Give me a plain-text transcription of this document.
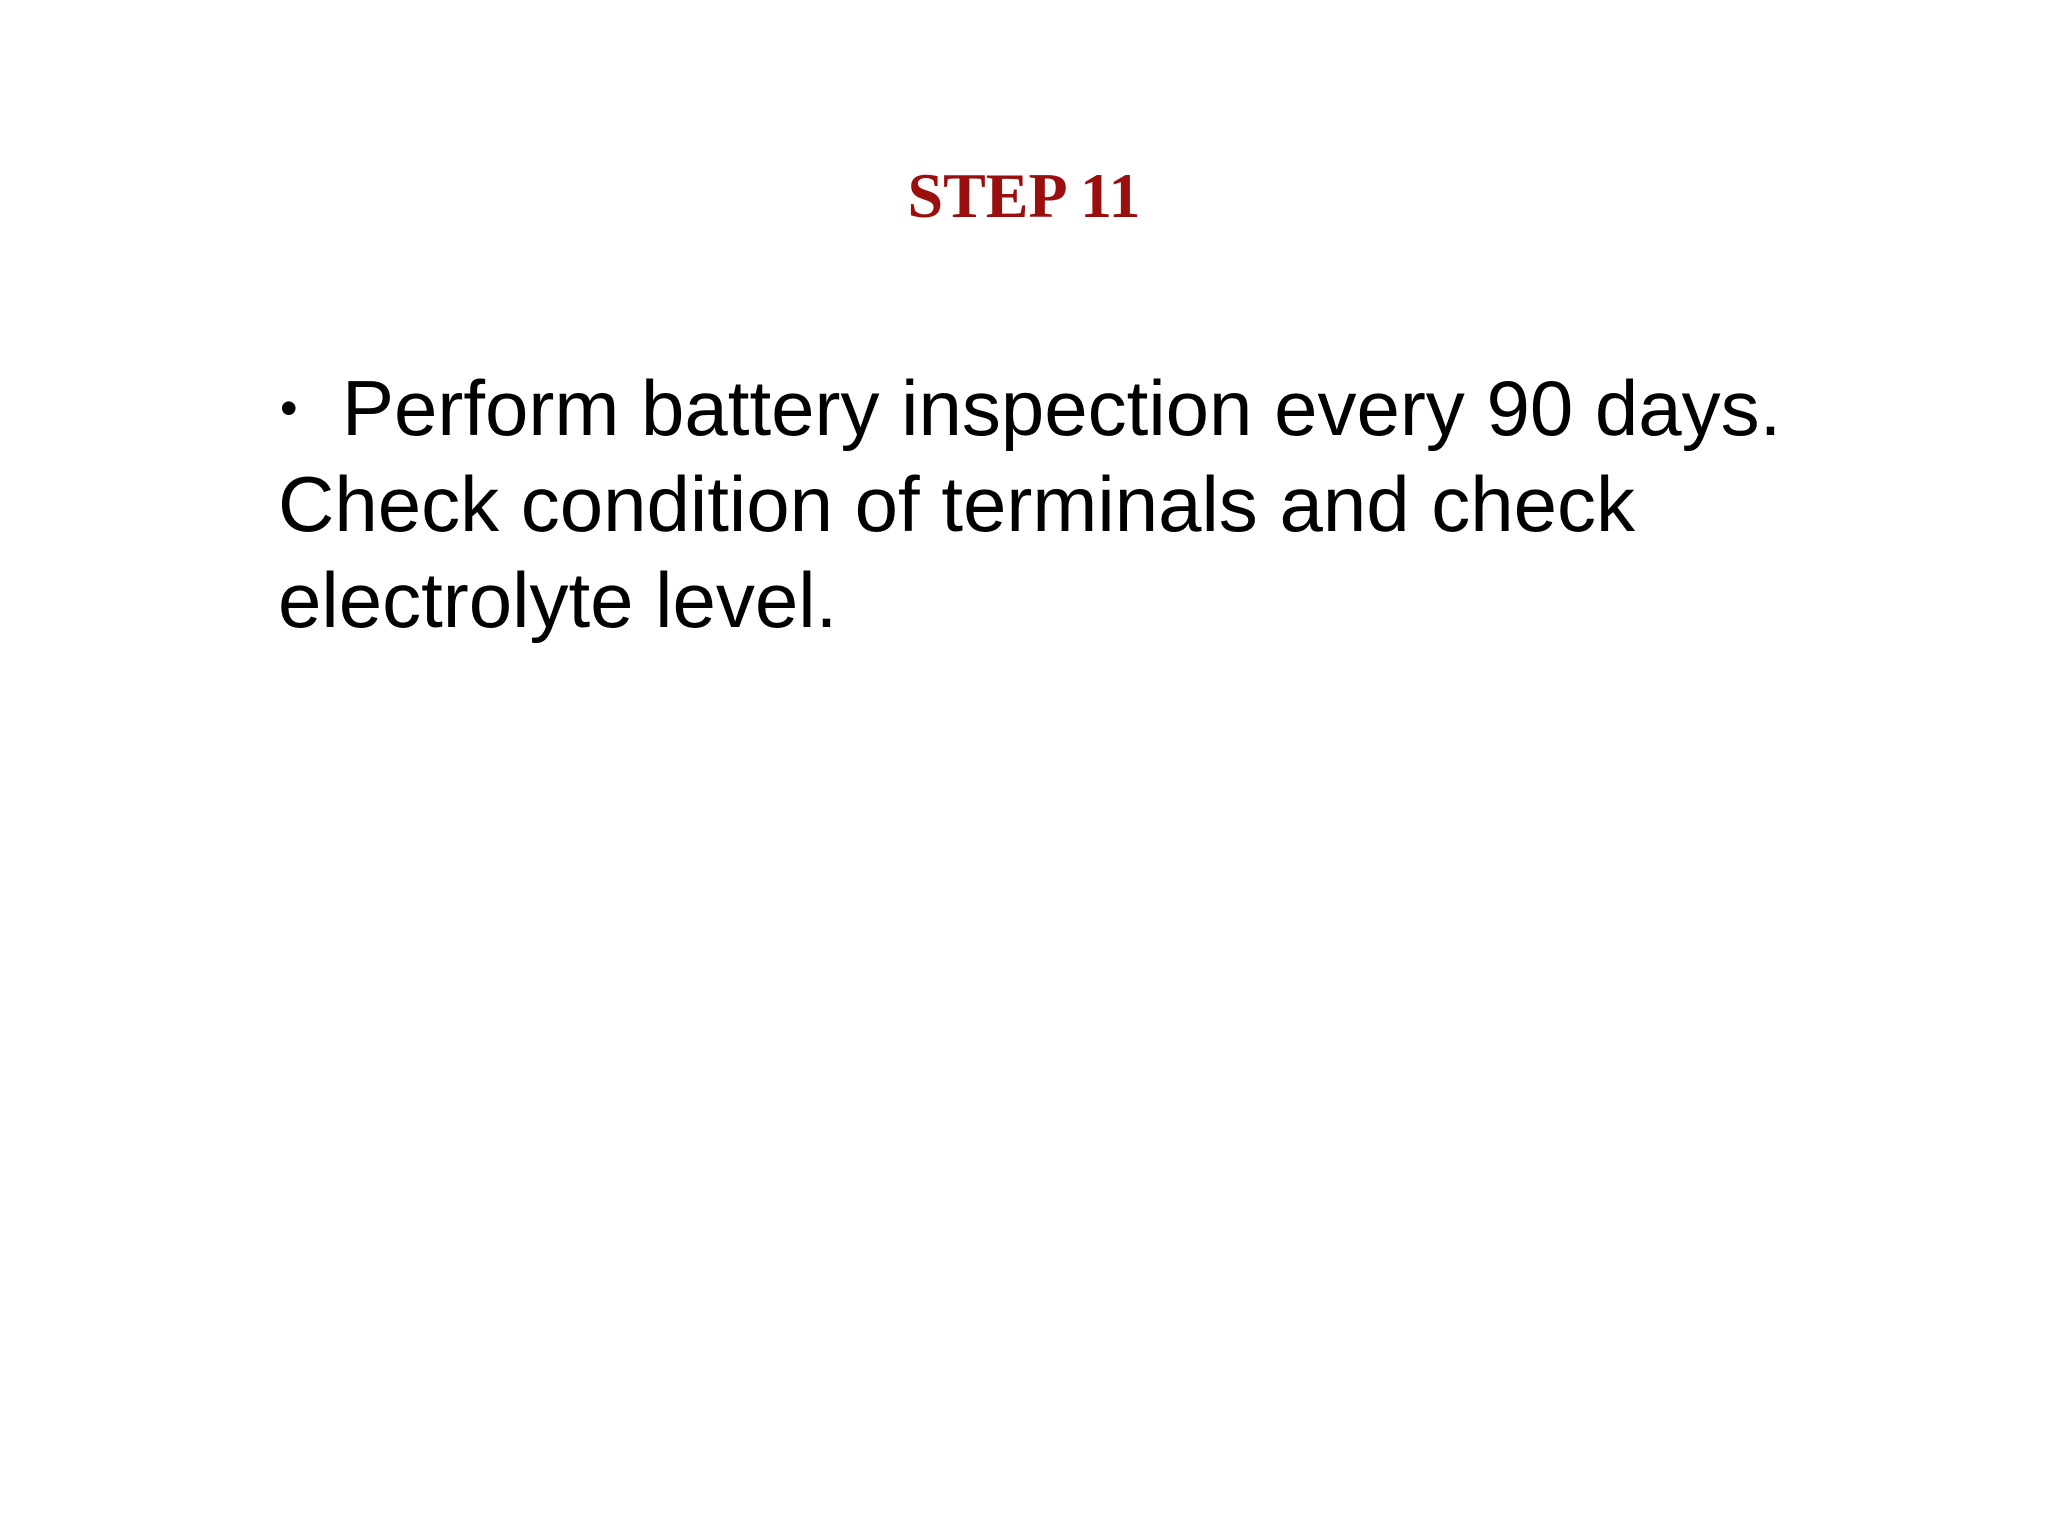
STEP 11
• Perform battery inspection every 90 days.
Check condition of terminals and check
electrolyte level.
